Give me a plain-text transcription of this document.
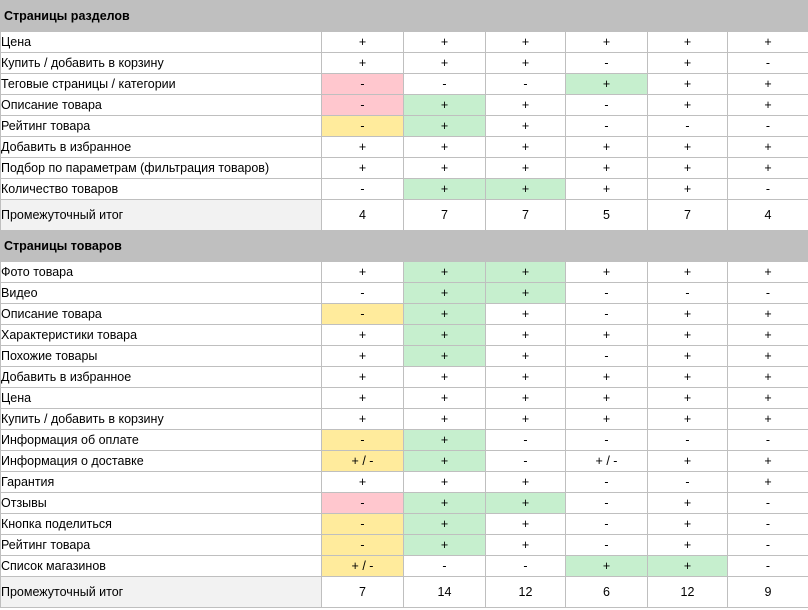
Страницы разделов						
Цена	+	+	+	+	+	+
Купить / добавить в корзину	+	+	+	-	+	-
Теговые страницы / категории	-	-	-	+	+	+
Описание товара	-	+	+	-	+	+
Рейтинг товара	-	+	+	-	-	-
Добавить в избранное	+	+	+	+	+	+
Подбор по параметрам (фильтрация товаров)	+	+	+	+	+	+
Количество товаров	-	+	+	+	+	-
Промежуточный итог	4	7	7	5	7	4
Страницы товаров						
Фото товара	+	+	+	+	+	+
Видео	-	+	+	-	-	-
Описание товара	-	+	+	-	+	+
Характеристики товара	+	+	+	+	+	+
Похожие товары	+	+	+	-	+	+
Добавить в избранное	+	+	+	+	+	+
Цена	+	+	+	+	+	+
Купить / добавить в корзину	+	+	+	+	+	+
Информация об оплате	-	+	-	-	-	-
Информация о доставке	+ / -	+	-	+ / -	+	+
Гарантия	+	+	+	-	-	+
Отзывы	-	+	+	-	+	-
Кнопка поделиться	-	+	+	-	+	-
Рейтинг товара	-	+	+	-	+	-
Список магазинов	+ / -	-	-	+	+	-
Промежуточный итог	7	14	12	6	12	9
